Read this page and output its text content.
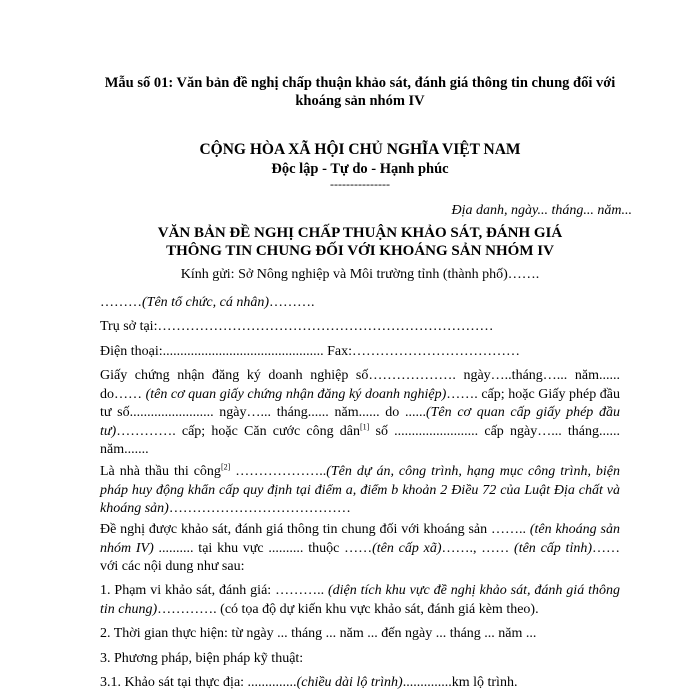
Mẫu số 01: Văn bản đề nghị chấp thuận khảo sát, đánh giá thông tin chung đối với khoáng sản nhóm IV

CỘNG HÒA XÃ HỘI CHỦ NGHĨA VIỆT NAM

Độc lập - Tự do - Hạnh phúc

---------------

Địa danh, ngày... tháng... năm...

VĂN BẢN ĐỀ NGHỊ CHẤP THUẬN KHẢO SÁT, ĐÁNH GIÁ
THÔNG TIN CHUNG ĐỐI VỚI KHOÁNG SẢN NHÓM IV

Kính gửi: Sở Nông nghiệp và Môi trường tỉnh (thành phố)…….

………(Tên tổ chức, cá nhân)……….

Trụ sở tại:………………………………………………………………

Điện thoại:.............................................. Fax:………………………………

Giấy chứng nhận đăng ký doanh nghiệp số………………. ngày…..tháng…... năm...... do…… (tên cơ quan giấy chứng nhận đăng ký doanh nghiệp)……. cấp; hoặc Giấy phép đầu tư số........................ ngày…... tháng...... năm...... do ......(Tên cơ quan cấp giấy phép đầu tư)…………. cấp; hoặc Căn cước công dân[1] số ........................ cấp ngày…... tháng...... năm.......

Là nhà thầu thi công[2] ………………..(Tên dự án, công trình, hạng mục công trình, biện pháp huy động khẩn cấp quy định tại điểm a, điểm b khoản 2 Điều 72 của Luật Địa chất và khoáng sản)…………………………………

Đề nghị được khảo sát, đánh giá thông tin chung đối với khoáng sản …….. (tên khoáng sản nhóm IV) .......... tại khu vực .......... thuộc ……(tên cấp xã)……., …… (tên cấp tỉnh)…… với các nội dung như sau:

1. Phạm vi khảo sát, đánh giá: ……….. (diện tích khu vực đề nghị khảo sát, đánh giá thông tin chung)…………. (có tọa độ dự kiến khu vực khảo sát, đánh giá kèm theo).

2. Thời gian thực hiện: từ ngày ... tháng ... năm ... đến ngày ... tháng ... năm ...

3. Phương pháp, biện pháp kỹ thuật:

3.1. Khảo sát tại thực địa: ..............(chiều dài lộ trình)..............km lộ trình.
